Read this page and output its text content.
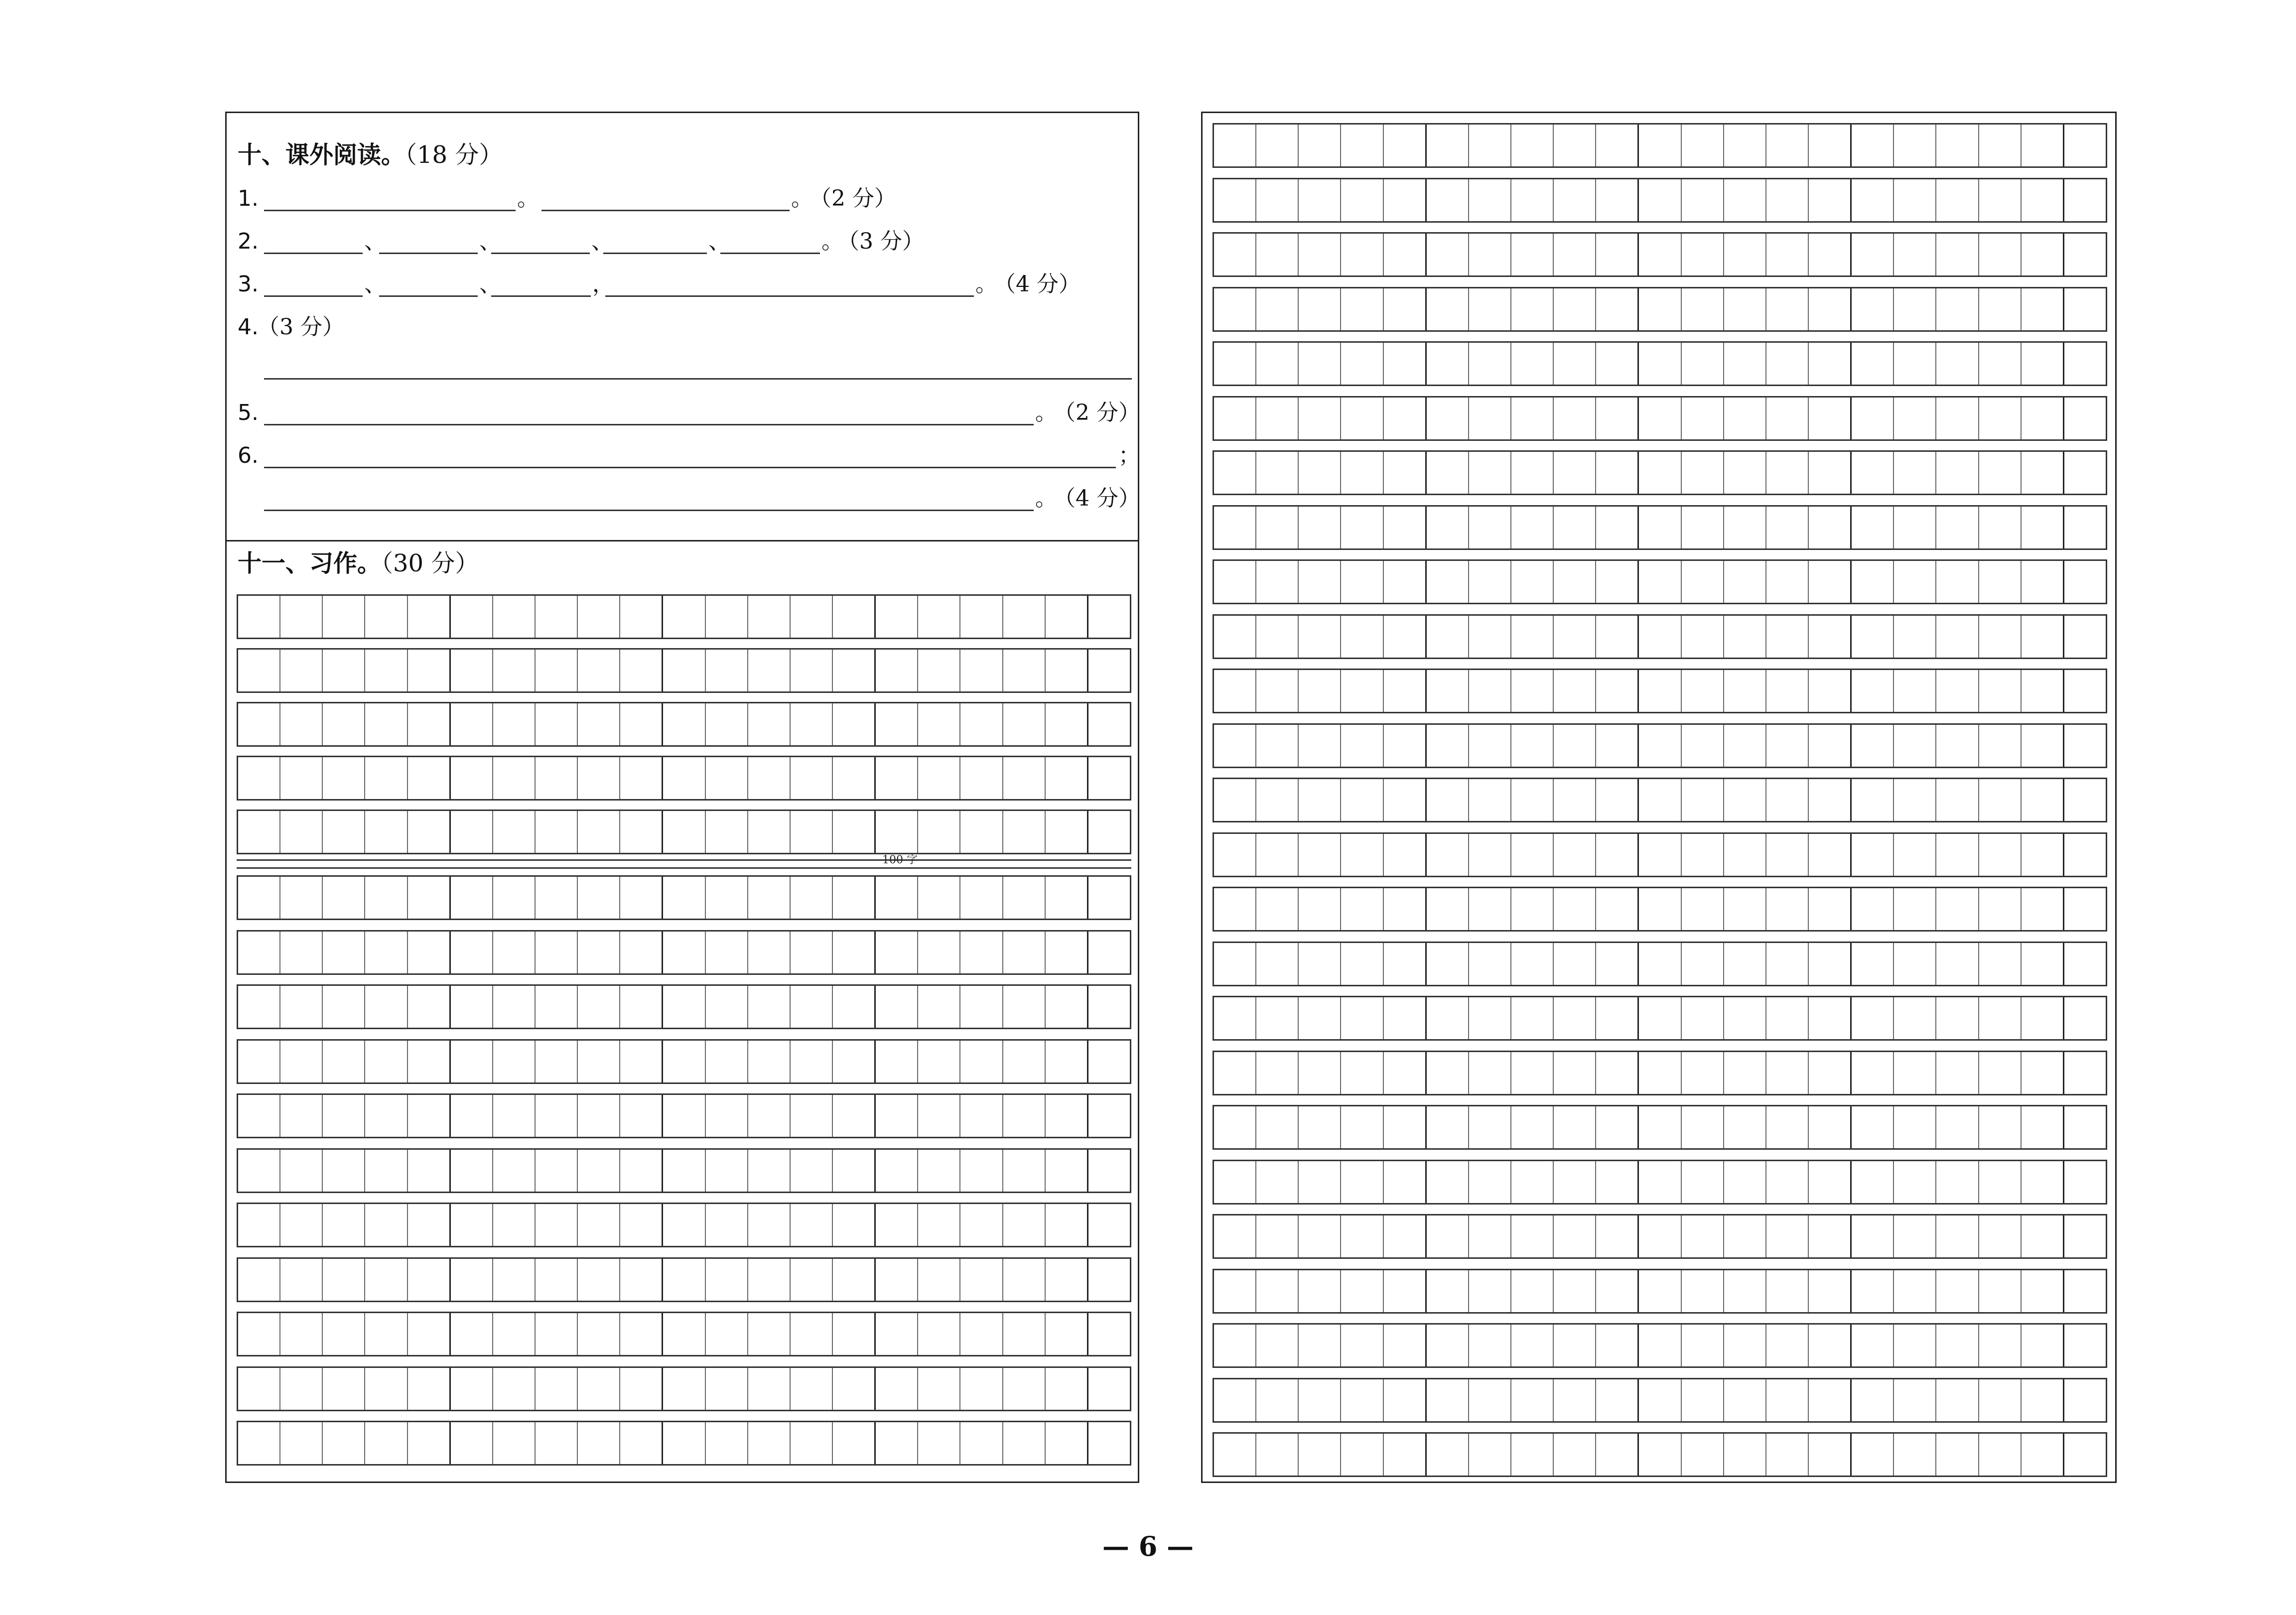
十、课外阅读。（18 分）
1.	。	。
（2 分）
2.	、	、	、	、	。
（3 分）
3.	、	、	，	。
（4 分）
4.
（3 分）
5.	。
（2 分）
6.	；
。
（4 分）
十一、习作。（30 分）
100 字
— 6 —
